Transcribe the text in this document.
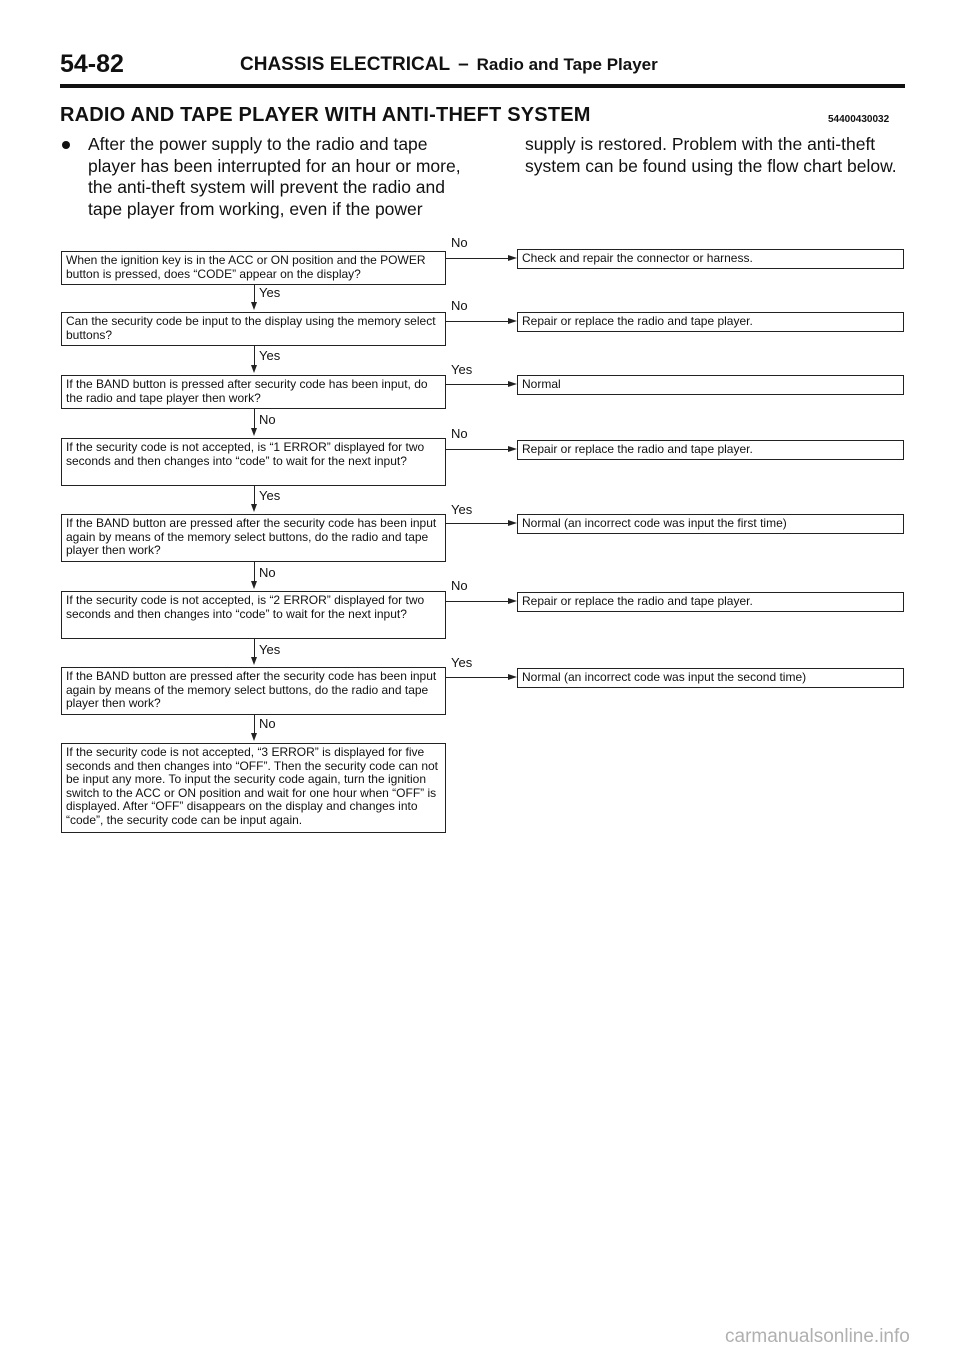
54-82	CHASSIS ELECTRICAL – Radio and Tape Player
RADIO AND TAPE PLAYER WITH ANTI-THEFT SYSTEM	54400430032
After the power supply to the radio and tape player has been interrupted for an hour or more, the anti-theft system will prevent the radio and tape player from working, even if the power
supply is restored. Problem with the anti-theft system can be found using the flow chart below.
When the ignition key is in the ACC or ON position and the POWER button is pressed, does “CODE” appear on the display?
Can the security code be input to the display using the memory select buttons?
If the BAND button is pressed after security code has been input, do the radio and tape player then work?
If the security code is not accepted, is “1 ERROR” displayed for two seconds and then changes into “code” to wait for the next input?
If the BAND button are pressed after the security code has been input again by means of the memory select buttons, do the radio and tape player then work?
If the security code is not accepted, is “2 ERROR” displayed for two seconds and then changes into “code” to wait for the next input?
If the BAND button are pressed after the security code has been input again by means of the memory select buttons, do the radio and tape player then work?
If the security code is not accepted, “3 ERROR” is displayed for five seconds and then changes into “OFF”. Then the security code can not be input any more. To input the security code again, turn the ignition switch to the ACC or ON position and wait for one hour when “OFF” is displayed. After “OFF” disappears on the display and changes into “code”, the security code can be input again.
Check and repair the connector or harness.
Repair or replace the radio and tape player.
Normal
Repair or replace the radio and tape player.
Normal (an incorrect code was input the first time)
Repair or replace the radio and tape player.
Normal (an incorrect code was input the second time)
No
No
Yes
No
Yes
No
Yes
Yes
Yes
No
Yes
No
Yes
No
carmanualsonline.info
